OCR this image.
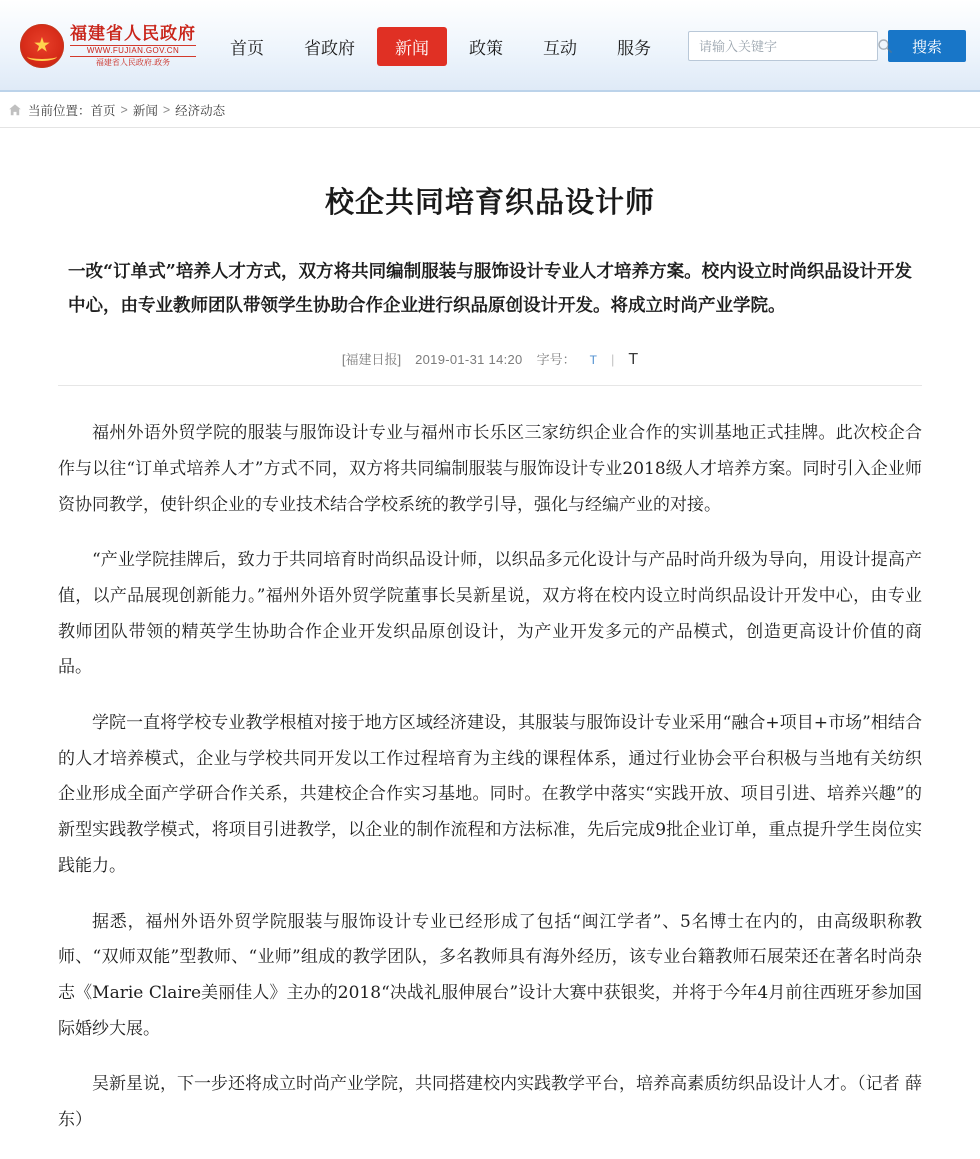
★
福建省人民政府
WWW.FUJIAN.GOV.CN
福建省人民政府.政务
首页	省政府	新闻	政策	互动	服务
请输入关键字	搜索
当前位置： 首页 > 新闻 > 经济动态
校企共同培育织品设计师
一改“订单式”培养人才方式，双方将共同编制服装与服饰设计专业人才培养方案。校内设立时尚织品设计开发中心，由专业教师团队带领学生协助合作企业进行织品原创设计开发。将成立时尚产业学院。
[福建日报] 2019-01-31 14:20 字号： T | T

福州外语外贸学院的服装与服饰设计专业与福州市长乐区三家纺织企业合作的实训基地正式挂牌。此次校企合作与以往“订单式培养人才”方式不同，双方将共同编制服装与服饰设计专业2018级人才培养方案。同时引入企业师资协同教学，使针织企业的专业技术结合学校系统的教学引导，强化与经编产业的对接。

“产业学院挂牌后，致力于共同培育时尚织品设计师，以织品多元化设计与产品时尚升级为导向，用设计提高产值，以产品展现创新能力。”福州外语外贸学院董事长吴新星说，双方将在校内设立时尚织品设计开发中心，由专业教师团队带领的精英学生协助合作企业开发织品原创设计，为产业开发多元的产品模式，创造更高设计价值的商品。

学院一直将学校专业教学根植对接于地方区域经济建设，其服装与服饰设计专业采用“融合+项目+市场”相结合的人才培养模式，企业与学校共同开发以工作过程培育为主线的课程体系，通过行业协会平台积极与当地有关纺织企业形成全面产学研合作关系，共建校企合作实习基地。同时。在教学中落实“实践开放、项目引进、培养兴趣”的新型实践教学模式，将项目引进教学，以企业的制作流程和方法标准，先后完成9批企业订单，重点提升学生岗位实践能力。

据悉，福州外语外贸学院服装与服饰设计专业已经形成了包括“闽江学者”、5名博士在内的，由高级职称教师、“双师双能”型教师、“业师”组成的教学团队，多名教师具有海外经历，该专业台籍教师石展荣还在著名时尚杂志《Marie Claire美丽佳人》主办的2018“决战礼服伸展台”设计大赛中获银奖，并将于今年4月前往西班牙参加国际婚纱大展。

吴新星说，下一步还将成立时尚产业学院，共同搭建校内实践教学平台，培养高素质纺织品设计人才。（记者 薛东）
